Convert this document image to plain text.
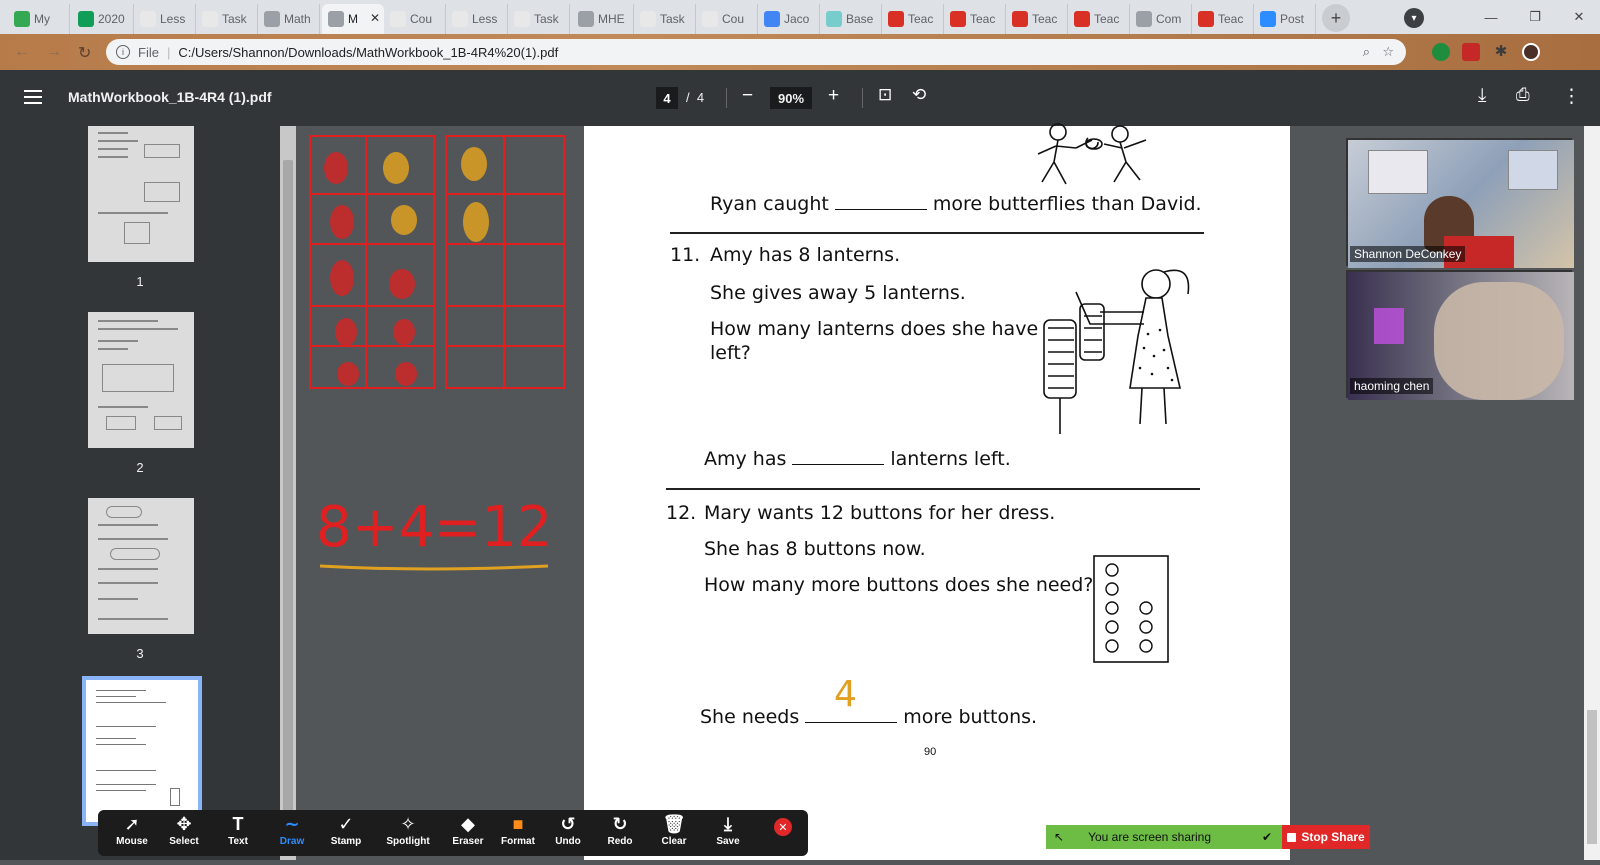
My	2020	Less	Task	Math	M ✕	Cou	Less	Task	MHE	Task	Cou	Jaco	Base	Teac	Teac	Teac	Teac	Com	Teac	Post	+	▾	—	❐	✕
← → ↻	i	File | C:/Users/Shannon/Downloads/MathWorkbook_1B-4R4%20(1).pdf	⌕ ☆	✱
MathWorkbook_1B-4R4 (1).pdf	4	/ 4 −	90%	+ ⊡ ⟲	⤓ ⎙ ⋮
1
2
3
8+4=12
Ryan caught	more butterflies than David.
11. Amy has 8 lanterns.
She gives away 5 lanterns.
How many lanterns does she have
left?
Amy has	lanterns left.
12. Mary wants 12 buttons for her dress.
She has 8 buttons now.
How many more buttons does she need?
She needs	more buttons.
4
90
Shannon DeConkey
haoming chen
➚
Mouse
✥
Select
T
Text
∼
Draw
✓
Stamp
✧
Spotlight
◆
Eraser
■
Format
↺
Undo
↻
Redo
🗑
Clear
⤓
Save
✕
↖ You are screen sharing	✔ Stop Share
